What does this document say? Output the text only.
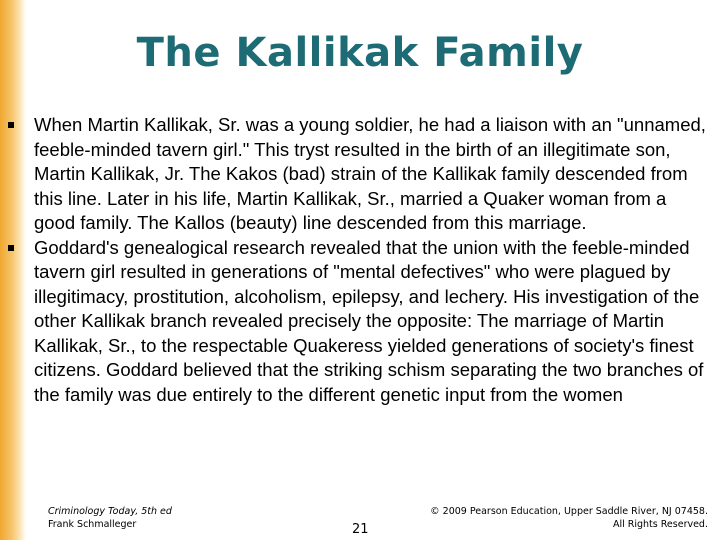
The Kallikak Family
When Martin Kallikak, Sr. was a young soldier, he had a liaison with an "unnamed, feeble-minded tavern girl." This tryst resulted in the birth of an illegitimate son, Martin Kallikak, Jr. The Kakos (bad) strain of the Kallikak family descended from this line. Later in his life, Martin Kallikak, Sr., married a Quaker woman from a good family. The Kallos (beauty) line descended from this marriage.
Goddard's genealogical research revealed that the union with the feeble-minded tavern girl resulted in generations of "mental defectives" who were plagued by illegitimacy, prostitution, alcoholism, epilepsy, and lechery. His investigation of the other Kallikak branch revealed precisely the opposite: The marriage of Martin Kallikak, Sr., to the respectable Quakeress yielded generations of society's finest citizens. Goddard believed that the striking schism separating the two branches of the family was due entirely to the different genetic input from the women
Criminology Today, 5th ed
Frank Schmalleger	21
© 2009 Pearson Education, Upper Saddle River, NJ 07458.
All Rights Reserved.
